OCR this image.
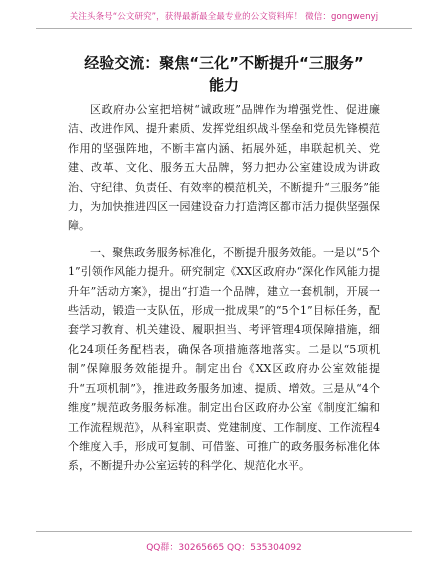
关注头条号“公文研究”，获得最新最全最专业的公文资料库！ 微信：gongwenyj
经验交流：聚焦“三化”不断提升“三服务”
能力

区政府办公室把培树“诚政班”品牌作为增强党性、促进廉洁、改进作风、提升素质、发挥党组织战斗堡垒和党员先锋模范作用的坚强阵地，不断丰富内涵、拓展外延，串联起机关、党建、改革、文化、服务五大品牌，努力把办公室建设成为讲政治、守纪律、负责任、有效率的模范机关，不断提升“三服务”能力，为加快推进四区一园建设奋力打造湾区都市活力提供坚强保障。

一、聚焦政务服务标准化，不断提升服务效能。一是以“5个1”引领作风能力提升。研究制定《XX区政府办“深化作风能力提升年”活动方案》，提出“打造一个品牌，建立一套机制，开展一些活动，锻造一支队伍，形成一批成果”的“5个1”目标任务，配套学习教育、机关建设、履职担当、考评管理4项保障措施，细化24项任务配档表，确保各项措施落地落实。二是以“5项机制”保障服务效能提升。制定出台《XX区政府办公室效能提升“五项机制”》，推进政务服务加速、提质、增效。三是从“4个维度”规范政务服务标准。制定出台区政府办公室《制度汇编和工作流程规范》，从科室职责、党建制度、工作制度、工作流程4个维度入手，形成可复制、可借鉴、可推广的政务服务标准化体系，不断提升办公室运转的科学化、规范化水平。

QQ群：30265665 QQ：535304092
